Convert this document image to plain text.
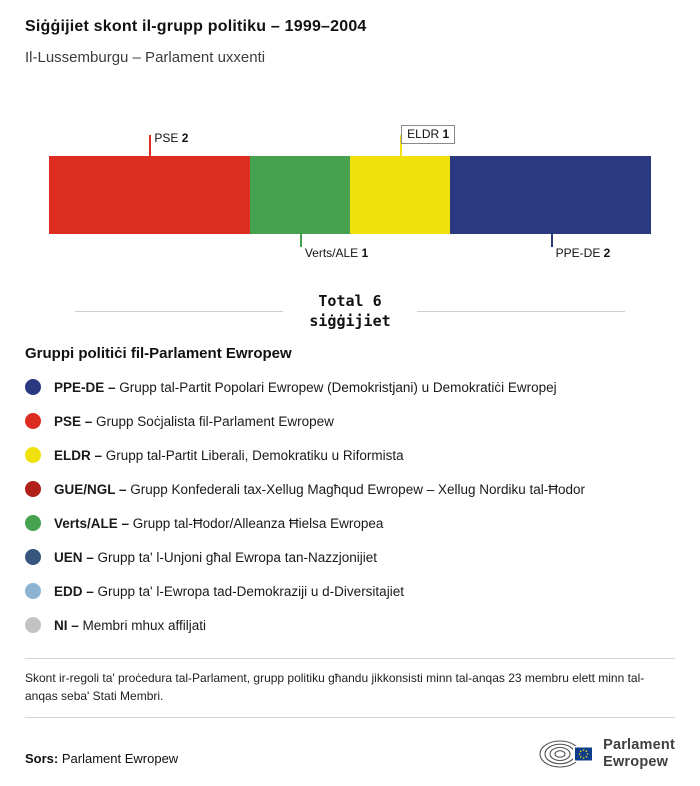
Siġġijiet skont il-grupp politiku – 1999–2004
Il-Lussemburgu – Parlament uxxenti
PSE 2
Verts/ALE 1
ELDR 1
PPE-DE 2
Total 6
siġġijiet
Gruppi politiċi fil-Parlament Ewropew
PPE-DE – Grupp tal-Partit Popolari Ewropew (Demokristjani) u Demokratiċi Ewropej
PSE – Grupp Soċjalista fil-Parlament Ewropew
ELDR – Grupp tal-Partit Liberali, Demokratiku u Riformista
GUE/NGL – Grupp Konfederali tax-Xellug Magħqud Ewropew – Xellug Nordiku tal-Ħodor
Verts/ALE – Grupp tal-Ħodor/Alleanza Ħielsa Ewropea
UEN – Grupp ta' l-Unjoni għal Ewropa tan-Nazzjonijiet
EDD – Grupp ta' l-Ewropa tad-Demokraziji u d-Diversitajiet
NI – Membri mhux affiljati

Skont ir-regoli ta' proċedura tal-Parlament, grupp politiku għandu jikkonsisti minn tal-anqas 23 membru elett minn tal-anqas seba' Stati Membri.

Sors: Parlament Ewropew

Parlament
Ewropew
